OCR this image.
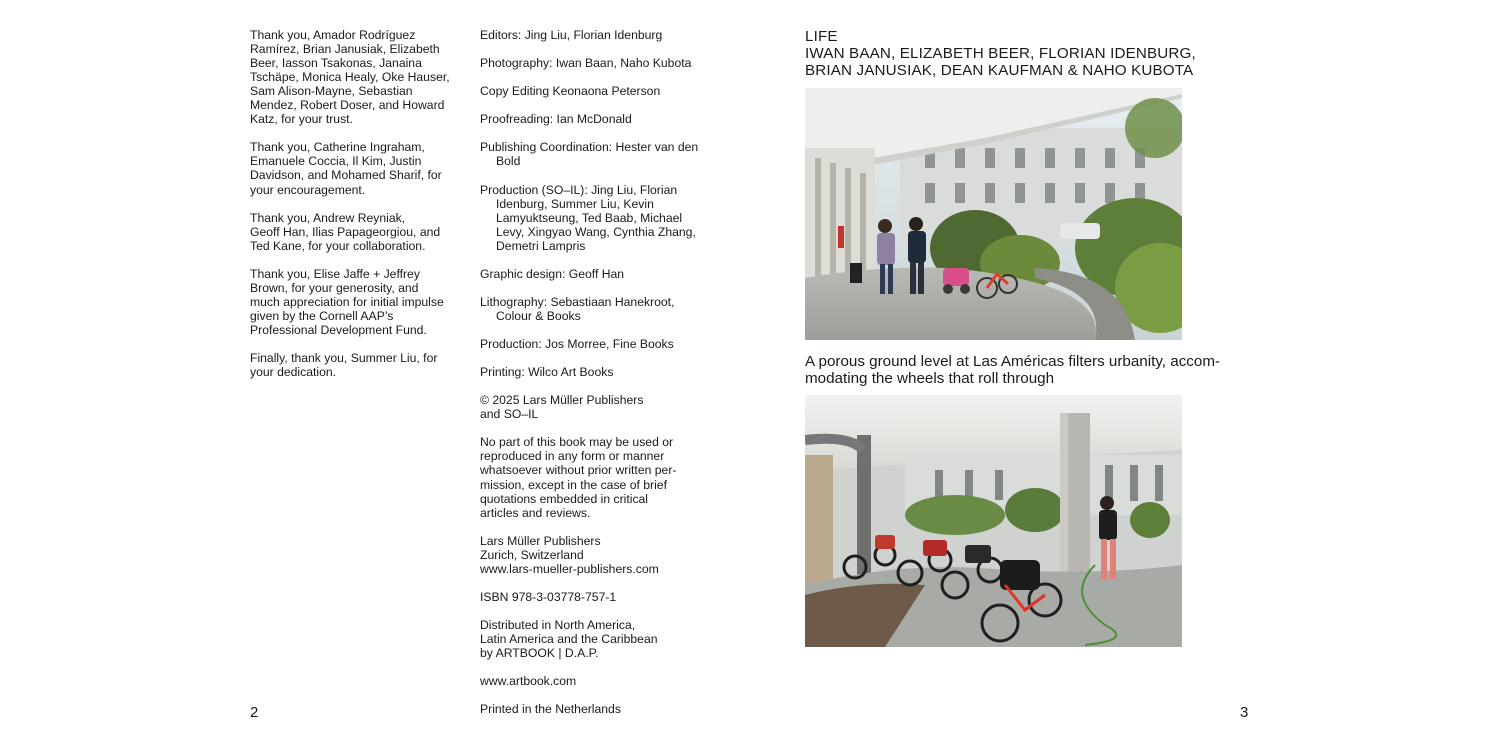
Thank you, Amador Rodríguez
Ramírez, Brian Janusiak, Elizabeth
Beer, Iasson Tsakonas, Janaina
Tschäpe, Monica Healy, Oke Hauser,
Sam Alison-Mayne, Sebastian
Mendez, Robert Doser, and Howard
Katz, for your trust.

Thank you, Catherine Ingraham,
Emanuele Coccia, Il Kim, Justin
Davidson, and Mohamed Sharif, for
your encouragement.

Thank you, Andrew Reyniak,
Geoff Han, Ilias Papageorgiou, and
Ted Kane, for your collaboration.

Thank you, Elise Jaffe + Jeffrey
Brown, for your generosity, and
much appreciation for initial impulse
given by the Cornell AAP’s
Professional Development Fund.

Finally, thank you, Summer Liu, for
your dedication.

Editors: Jing Liu, Florian Idenburg

Photography: Iwan Baan, Naho Kubota

Copy Editing Keonaona Peterson

Proofreading: Ian McDonald

Publishing Coordination: Hester van den Bold

Production (SO–IL): Jing Liu, Florian Idenburg, Summer Liu, Kevin Lamyuktseung, Ted Baab, Michael Levy, Xingyao Wang, Cynthia Zhang, Demetri Lampris

Graphic design: Geoff Han

Lithography: Sebastiaan Hanekroot, Colour & Books

Production: Jos Morree, Fine Books

Printing: Wilco Art Books

© 2025 Lars Müller Publishers
and SO–IL

No part of this book may be used or
reproduced in any form or manner
whatsoever without prior written per-
mission, except in the case of brief
quotations embedded in critical
articles and reviews.

Lars Müller Publishers
Zurich, Switzerland
www.lars-mueller-publishers.com

ISBN 978-3-03778-757-1

Distributed in North America,
Latin America and the Caribbean
by ARTBOOK | D.A.P.

www.artbook.com

Printed in the Netherlands

LIFE

IWAN BAAN, ELIZABETH BEER, FLORIAN IDENBURG,
BRIAN JANUSIAK, DEAN KAUFMAN & NAHO KUBOTA

A porous ground level at Las Américas filters urbanity, accom-
modating the wheels that roll through

2	3
